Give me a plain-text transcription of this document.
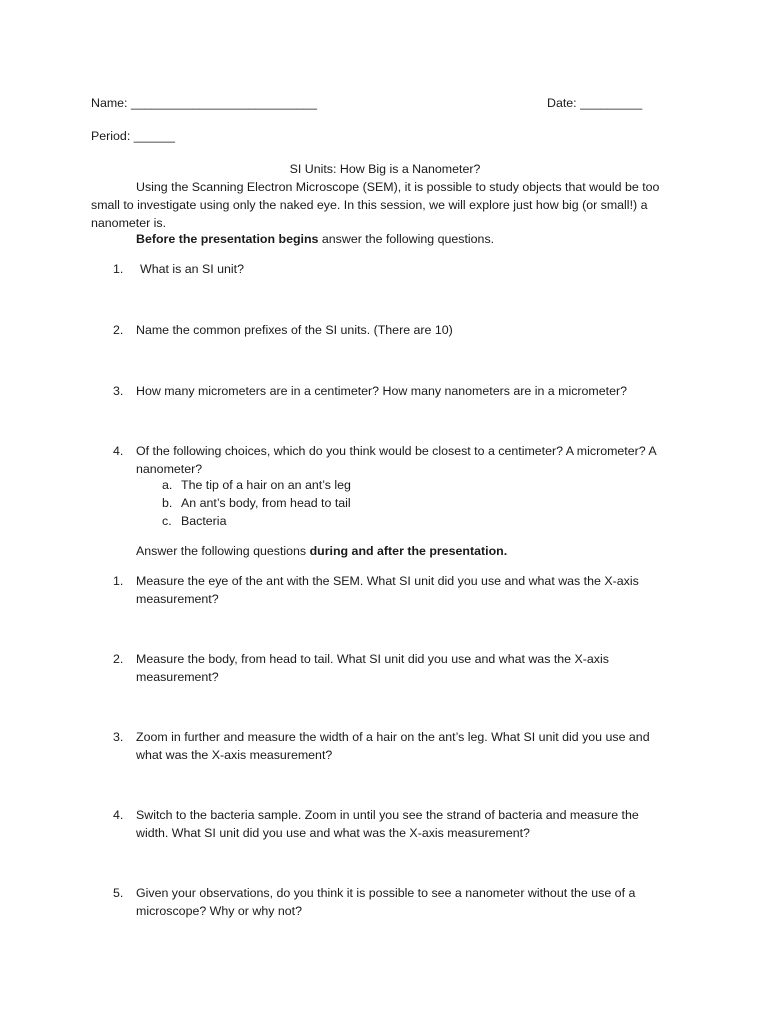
Name: ___________________________	Date: _________
Period: ______
SI Units: How Big is a Nanometer?

Using the Scanning Electron Microscope (SEM), it is possible to study objects that would be too small to investigate using only the naked eye. In this session, we will explore just how big (or small!) a nanometer is.

Before the presentation begins answer the following questions.
1. What is an SI unit?
2. Name the common prefixes of the SI units. (There are 10)
3. How many micrometers are in a centimeter? How many nanometers are in a micrometer?
4. Of the following choices, which do you think would be closest to a centimeter? A micrometer? A nanometer?
a. The tip of a hair on an ant’s leg
b. An ant’s body, from head to tail
c. Bacteria
Answer the following questions during and after the presentation.
1. Measure the eye of the ant with the SEM. What SI unit did you use and what was the X-axis measurement?
2. Measure the body, from head to tail. What SI unit did you use and what was the X-axis measurement?
3. Zoom in further and measure the width of a hair on the ant’s leg. What SI unit did you use and what was the X-axis measurement?
4. Switch to the bacteria sample. Zoom in until you see the strand of bacteria and measure the width. What SI unit did you use and what was the X-axis measurement?
5. Given your observations, do you think it is possible to see a nanometer without the use of a microscope? Why or why not?
